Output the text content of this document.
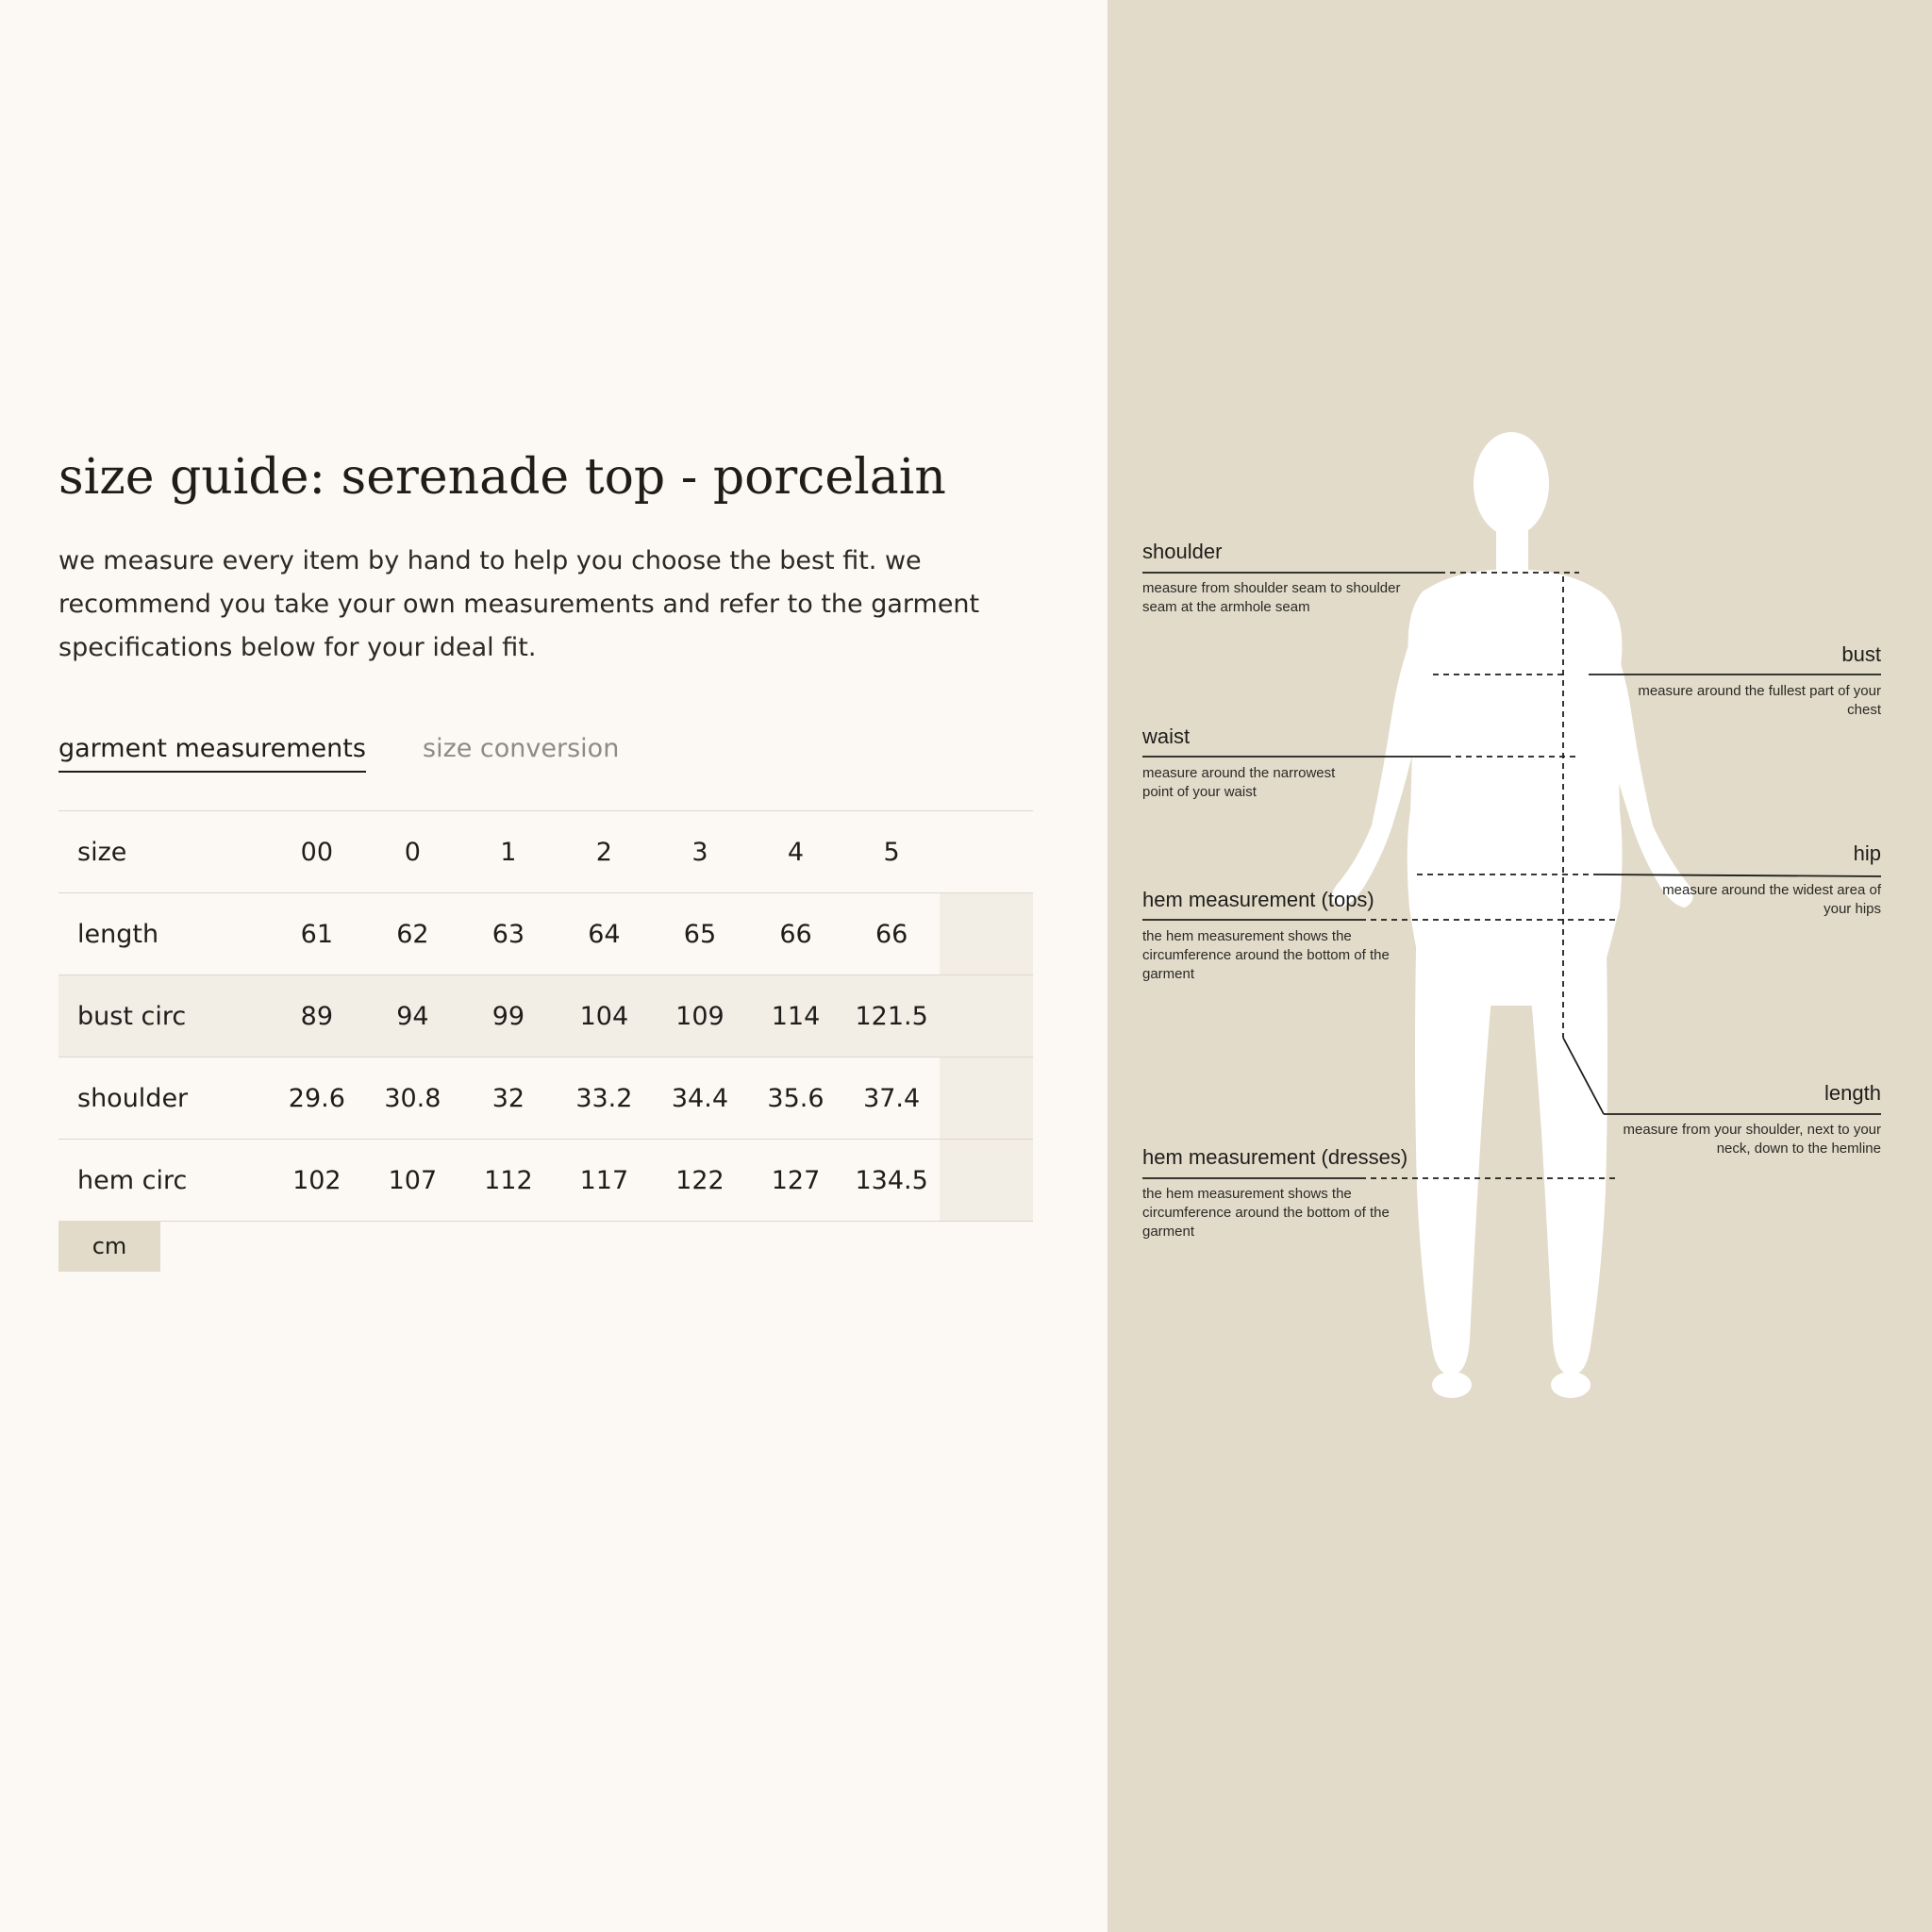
size guide: serenade top - porcelain

we measure every item by hand to help you choose the best fit. we recommend you take your own measurements and refer to the garment specifications below for your ideal fit.

garment measurements size conversion
size	00	0	1	2	3	4	5	
length	61	62	63	64	65	66	66	
bust circ	89	94	99	104	109	114	121.5	
shoulder	29.6	30.8	32	33.2	34.4	35.6	37.4	
hem circ	102	107	112	117	122	127	134.5	
cm
shoulder
measure from shoulder seam to shoulder seam at the armhole seam
bust
measure around the fullest part of your chest
waist
measure around the narrowest point of your waist
hip
measure around the widest area of your hips
hem measurement (tops)
the hem measurement shows the circumference around the bottom of the garment
length
measure from your shoulder, next to your neck, down to the hemline
hem measurement (dresses)
the hem measurement shows the circumference around the bottom of the garment
